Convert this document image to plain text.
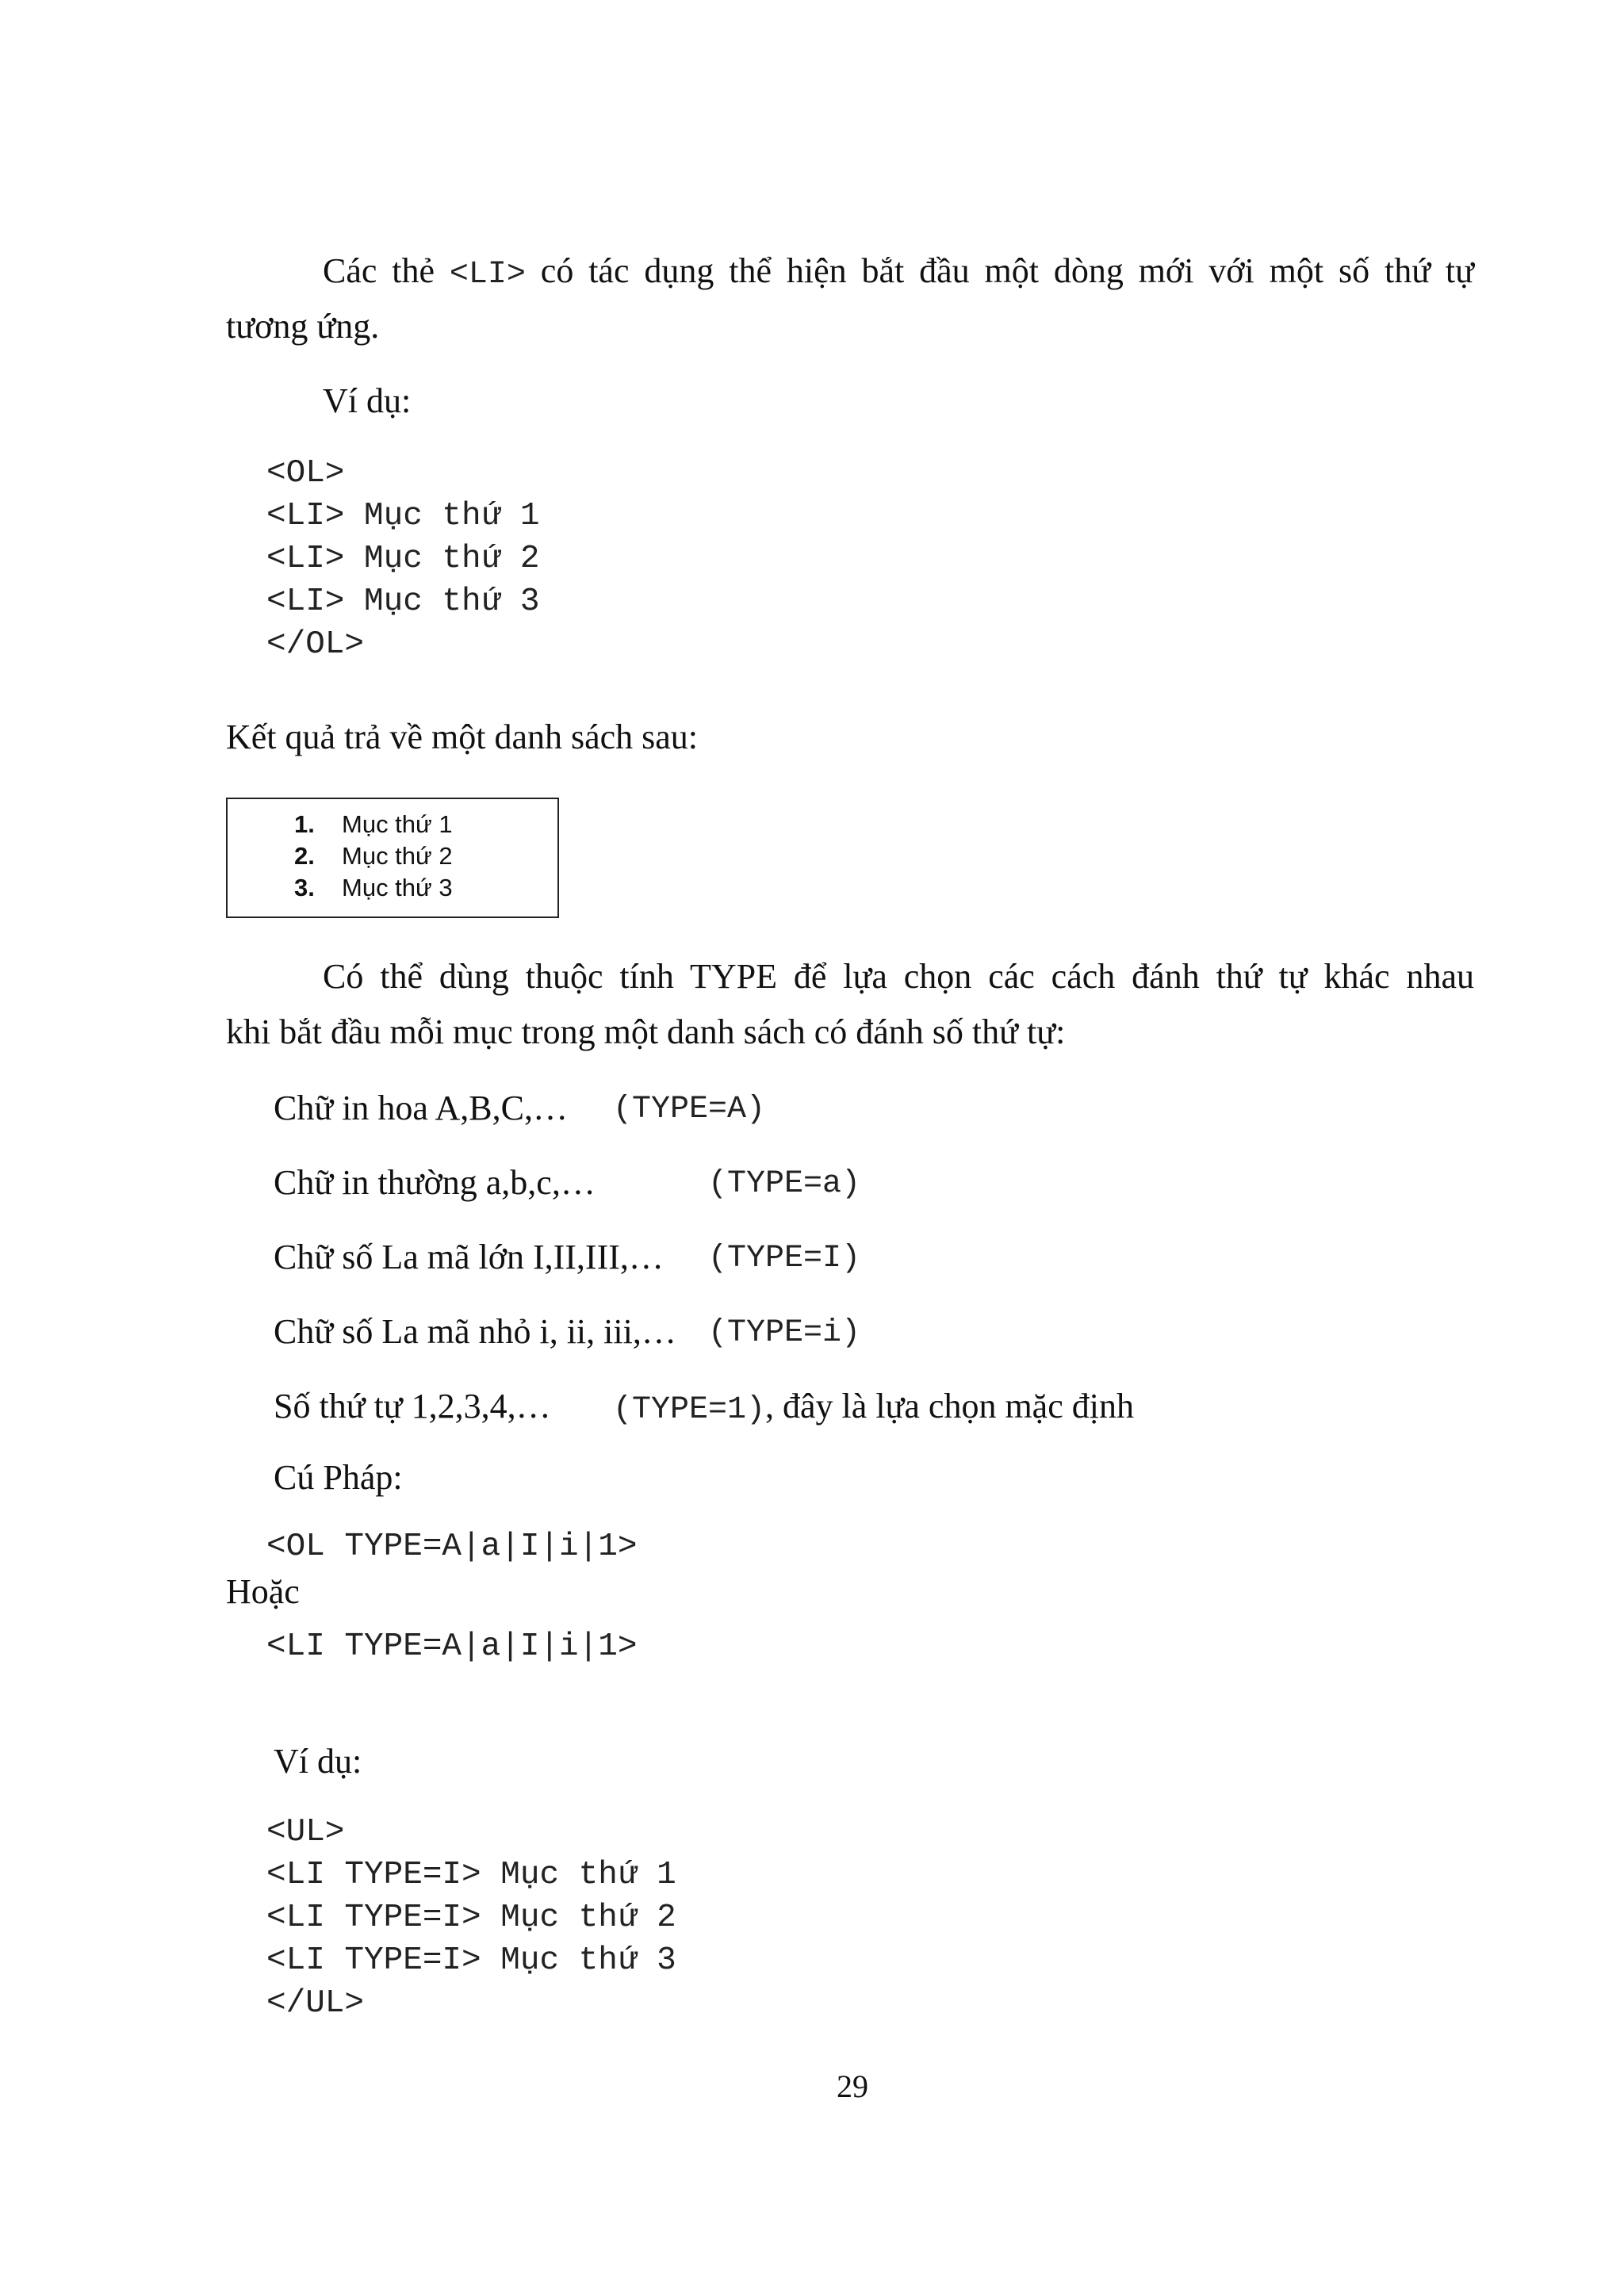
Các thẻ <LI> có tác dụng thể hiện bắt đầu một dòng mới với một số thứ tự
tương ứng.
Ví dụ:
<OL>
<LI> Mục thứ 1
<LI> Mục thứ 2
<LI> Mục thứ 3
</OL>
Kết quả trả về một danh sách sau:
1. Mục thứ 1
2. Mục thứ 2
3. Mục thứ 3
Có thể dùng thuộc tính TYPE để lựa chọn các cách đánh thứ tự khác nhau
khi bắt đầu mỗi mục trong một danh sách có đánh số thứ tự:
Chữ in hoa A,B,C,… (TYPE=A)
Chữ in thường a,b,c,…	(TYPE=a)
Chữ số La mã lớn I,II,III,… (TYPE=I)
Chữ số La mã nhỏ i, ii, iii,… (TYPE=i)
Số thứ tự 1,2,3,4,… (TYPE=1), đây là lựa chọn mặc định
Cú Pháp:
<OL TYPE=A|a|I|i|1>
Hoặc
<LI TYPE=A|a|I|i|1>
Ví dụ:
<UL>
<LI TYPE=I> Mục thứ 1
<LI TYPE=I> Mục thứ 2
<LI TYPE=I> Mục thứ 3
</UL>
29
